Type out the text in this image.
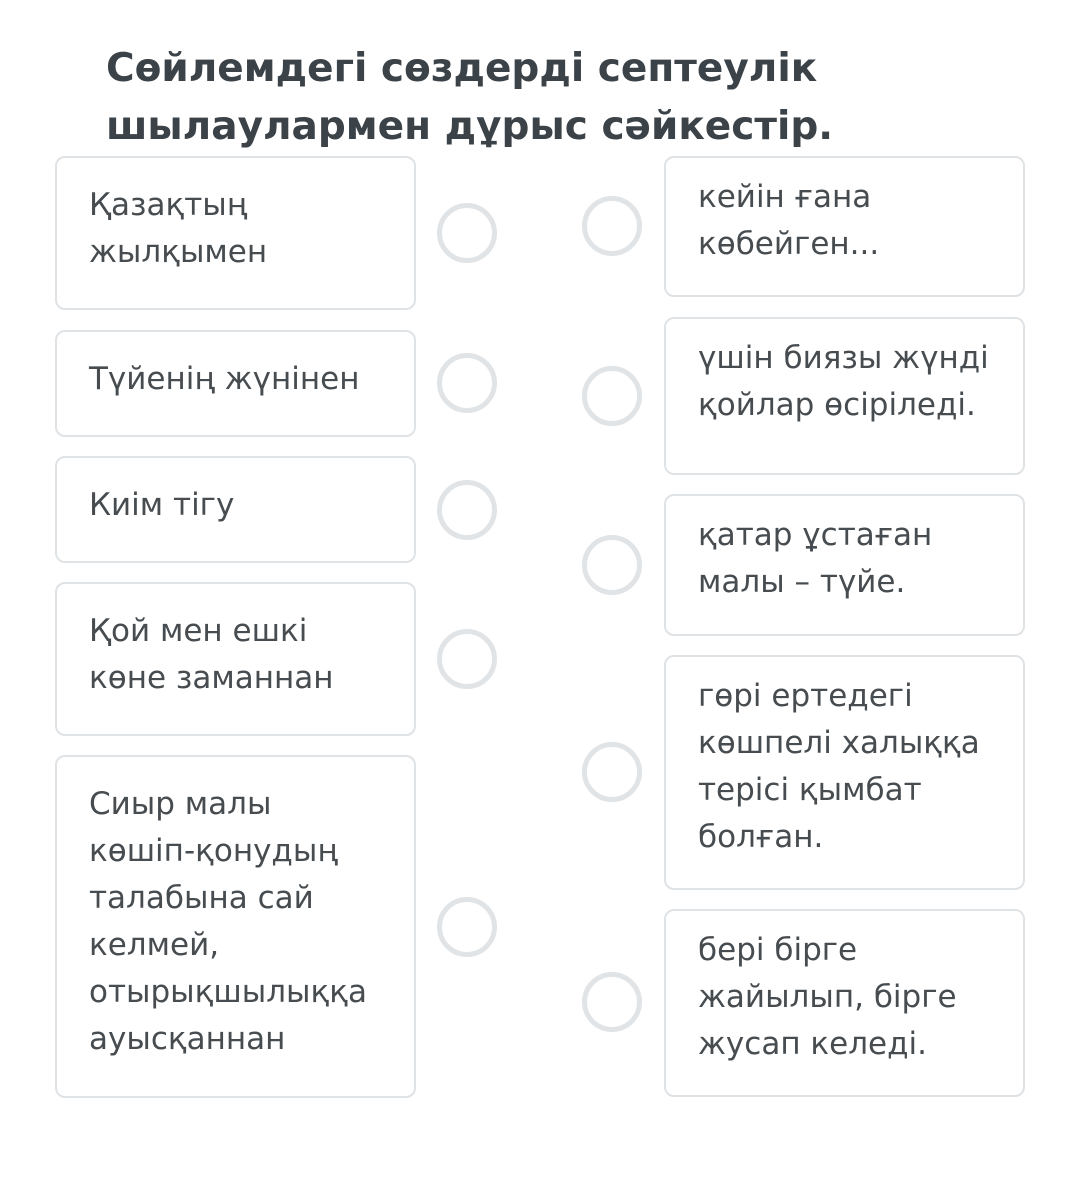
Сөйлемдегі сөздерді септеулік шылаулармен дұрыс сәйкестір.
Қазақтың жылқымен
Түйенің жүнінен
Киім тігу
Қой мен ешкі көне заманнан
Сиыр малы көшіп-қонудың талабына сай келмей, отырықшылыққа ауысқаннан
кейін ғана көбейген...
үшін биязы жүнді қойлар өсіріледі.
қатар ұстаған малы – түйе.
гөрі ертедегі көшпелі халыққа терісі қымбат болған.
бері бірге жайылып, бірге жусап келеді.
